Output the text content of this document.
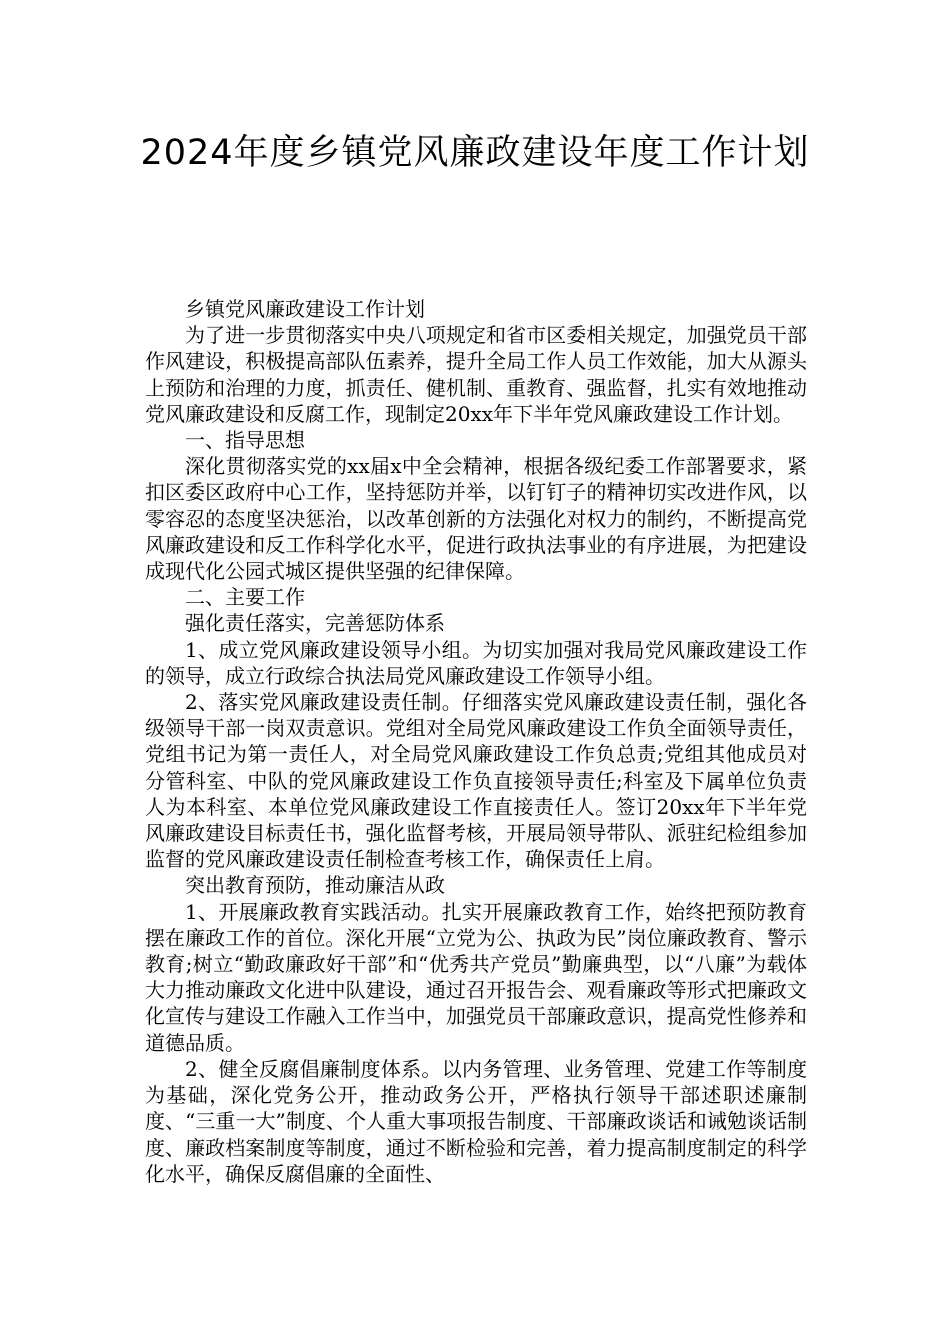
2024年度乡镇党风廉政建设年度工作计划

乡镇党风廉政建设工作计划

为了进一步贯彻落实中央八项规定和省市区委相关规定，加强党员干部作风建设，积极提高部队伍素养，提升全局工作人员工作效能，加大从源头上预防和治理的力度，抓责任、健机制、重教育、强监督，扎实有效地推动党风廉政建设和反腐工作，现制定20xx年下半年党风廉政建设工作计划。

一、指导思想

深化贯彻落实党的xx届x中全会精神，根据各级纪委工作部署要求，紧扣区委区政府中心工作，坚持惩防并举，以钉钉子的精神切实改进作风，以零容忍的态度坚决惩治，以改革创新的方法强化对权力的制约，不断提高党风廉政建设和反工作科学化水平，促进行政执法事业的有序进展，为把建设成现代化公园式城区提供坚强的纪律保障。

二、主要工作

强化责任落实，完善惩防体系

1、成立党风廉政建设领导小组。为切实加强对我局党风廉政建设工作的领导，成立行政综合执法局党风廉政建设工作领导小组。

2、落实党风廉政建设责任制。仔细落实党风廉政建设责任制，强化各级领导干部一岗双责意识。党组对全局党风廉政建设工作负全面领导责任，党组书记为第一责任人，对全局党风廉政建设工作负总责;党组其他成员对分管科室、中队的党风廉政建设工作负直接领导责任;科室及下属单位负责人为本科室、本单位党风廉政建设工作直接责任人。签订20xx年下半年党风廉政建设目标责任书，强化监督考核，开展局领导带队、派驻纪检组参加监督的党风廉政建设责任制检查考核工作，确保责任上肩。

突出教育预防，推动廉洁从政

1、开展廉政教育实践活动。扎实开展廉政教育工作，始终把预防教育摆在廉政工作的首位。深化开展“立党为公、执政为民”岗位廉政教育、警示教育;树立“勤政廉政好干部”和“优秀共产党员”勤廉典型，以“八廉”为载体大力推动廉政文化进中队建设，通过召开报告会、观看廉政等形式把廉政文化宣传与建设工作融入工作当中，加强党员干部廉政意识，提高党性修养和道德品质。

2、健全反腐倡廉制度体系。以内务管理、业务管理、党建工作等制度为基础，深化党务公开，推动政务公开，严格执行领导干部述职述廉制度、“三重一大”制度、个人重大事项报告制度、干部廉政谈话和诫勉谈话制度、廉政档案制度等制度，通过不断检验和完善，着力提高制度制定的科学化水平，确保反腐倡廉的全面性、
